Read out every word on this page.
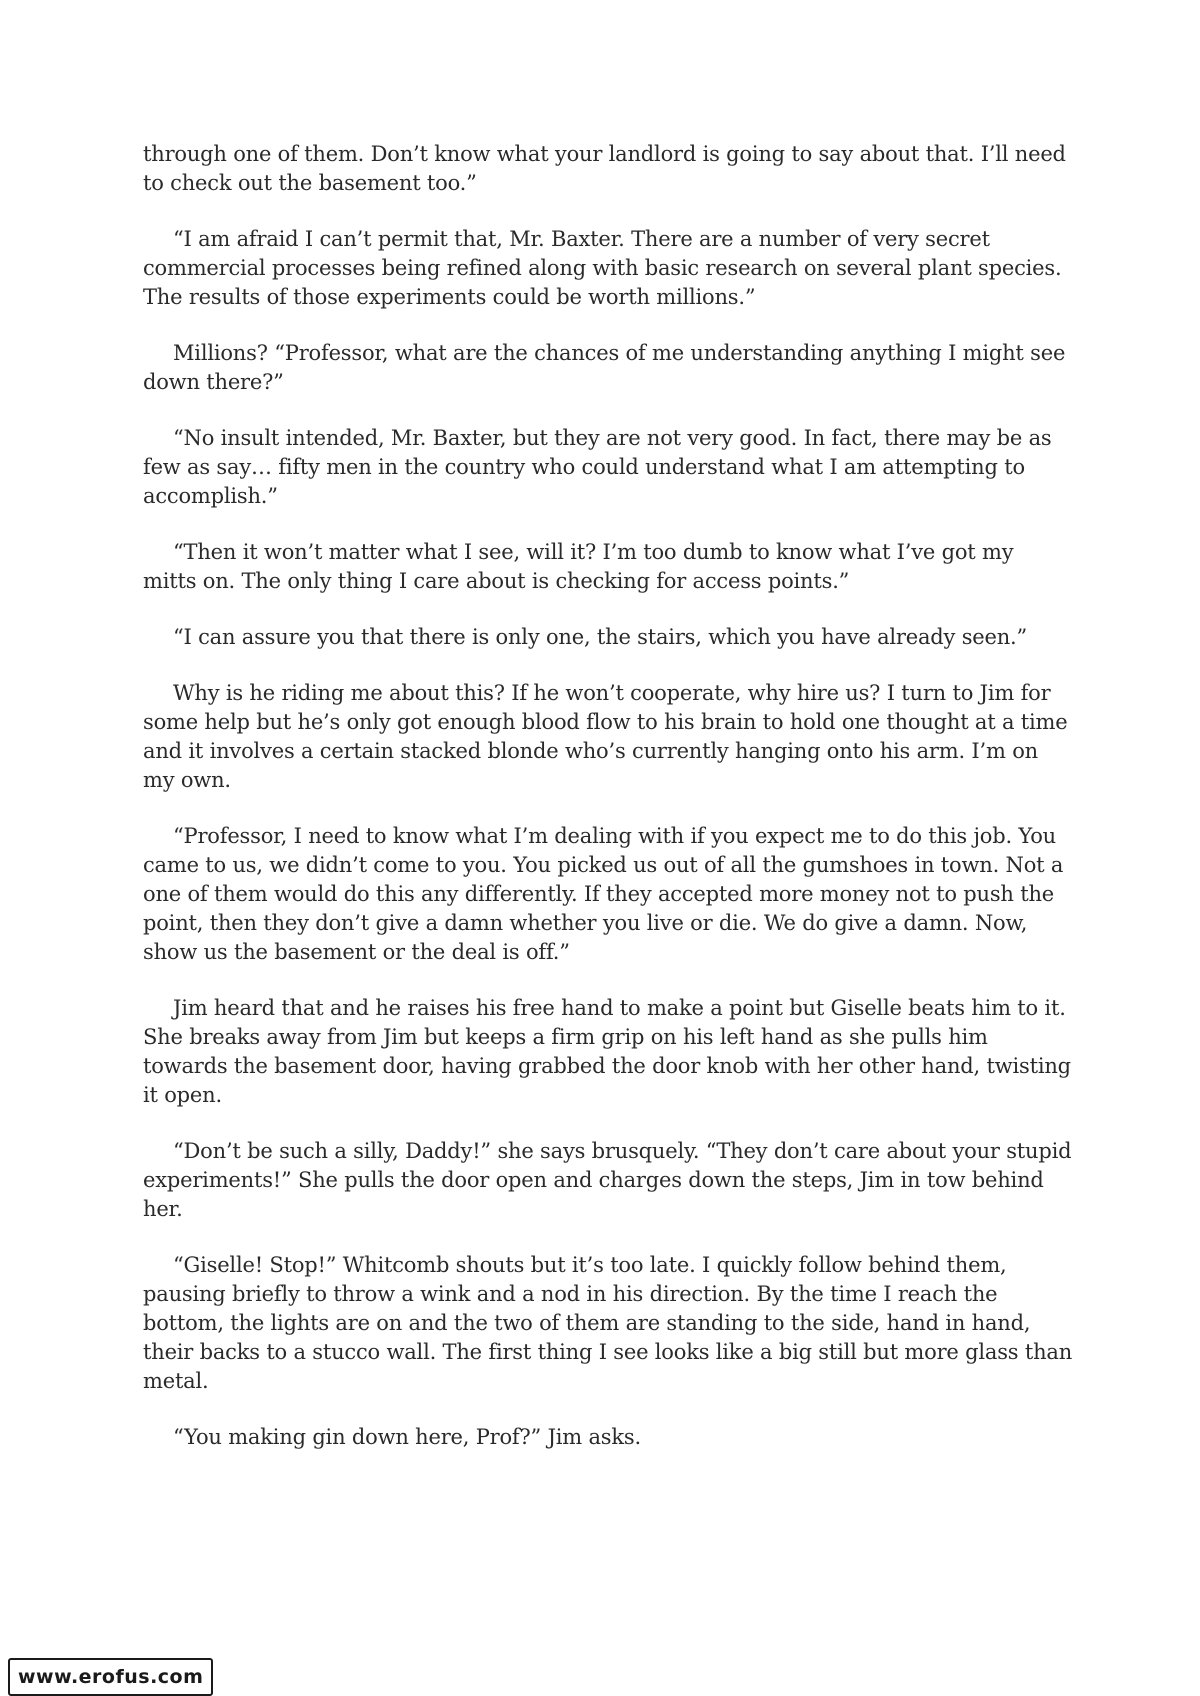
through one of them. Don’t know what your landlord is going to say about that. I’ll need to check out the basement too.”

“I am afraid I can’t permit that, Mr. Baxter. There are a number of very secret commercial processes being refined along with basic research on several plant species. The results of those experiments could be worth millions.”

Millions? “Professor, what are the chances of me understanding anything I might see down there?”

“No insult intended, Mr. Baxter, but they are not very good. In fact, there may be as few as say… fifty men in the country who could understand what I am attempting to accomplish.”

“Then it won’t matter what I see, will it? I’m too dumb to know what I’ve got my mitts on. The only thing I care about is checking for access points.”

“I can assure you that there is only one, the stairs, which you have already seen.”

Why is he riding me about this? If he won’t cooperate, why hire us? I turn to Jim for some help but he’s only got enough blood flow to his brain to hold one thought at a time and it involves a certain stacked blonde who’s currently hanging onto his arm. I’m on my own.

“Professor, I need to know what I’m dealing with if you expect me to do this job. You came to us, we didn’t come to you. You picked us out of all the gumshoes in town. Not a one of them would do this any differently. If they accepted more money not to push the point, then they don’t give a damn whether you live or die. We do give a damn. Now, show us the basement or the deal is off.”

Jim heard that and he raises his free hand to make a point but Giselle beats him to it. She breaks away from Jim but keeps a firm grip on his left hand as she pulls him towards the basement door, having grabbed the door knob with her other hand, twisting it open.

“Don’t be such a silly, Daddy!” she says brusquely. “They don’t care about your stupid experiments!” She pulls the door open and charges down the steps, Jim in tow behind her.

“Giselle! Stop!” Whitcomb shouts but it’s too late. I quickly follow behind them, pausing briefly to throw a wink and a nod in his direction. By the time I reach the bottom, the lights are on and the two of them are standing to the side, hand in hand, their backs to a stucco wall. The first thing I see looks like a big still but more glass than metal.

“You making gin down here, Prof?” Jim asks.

www.erofus.com
